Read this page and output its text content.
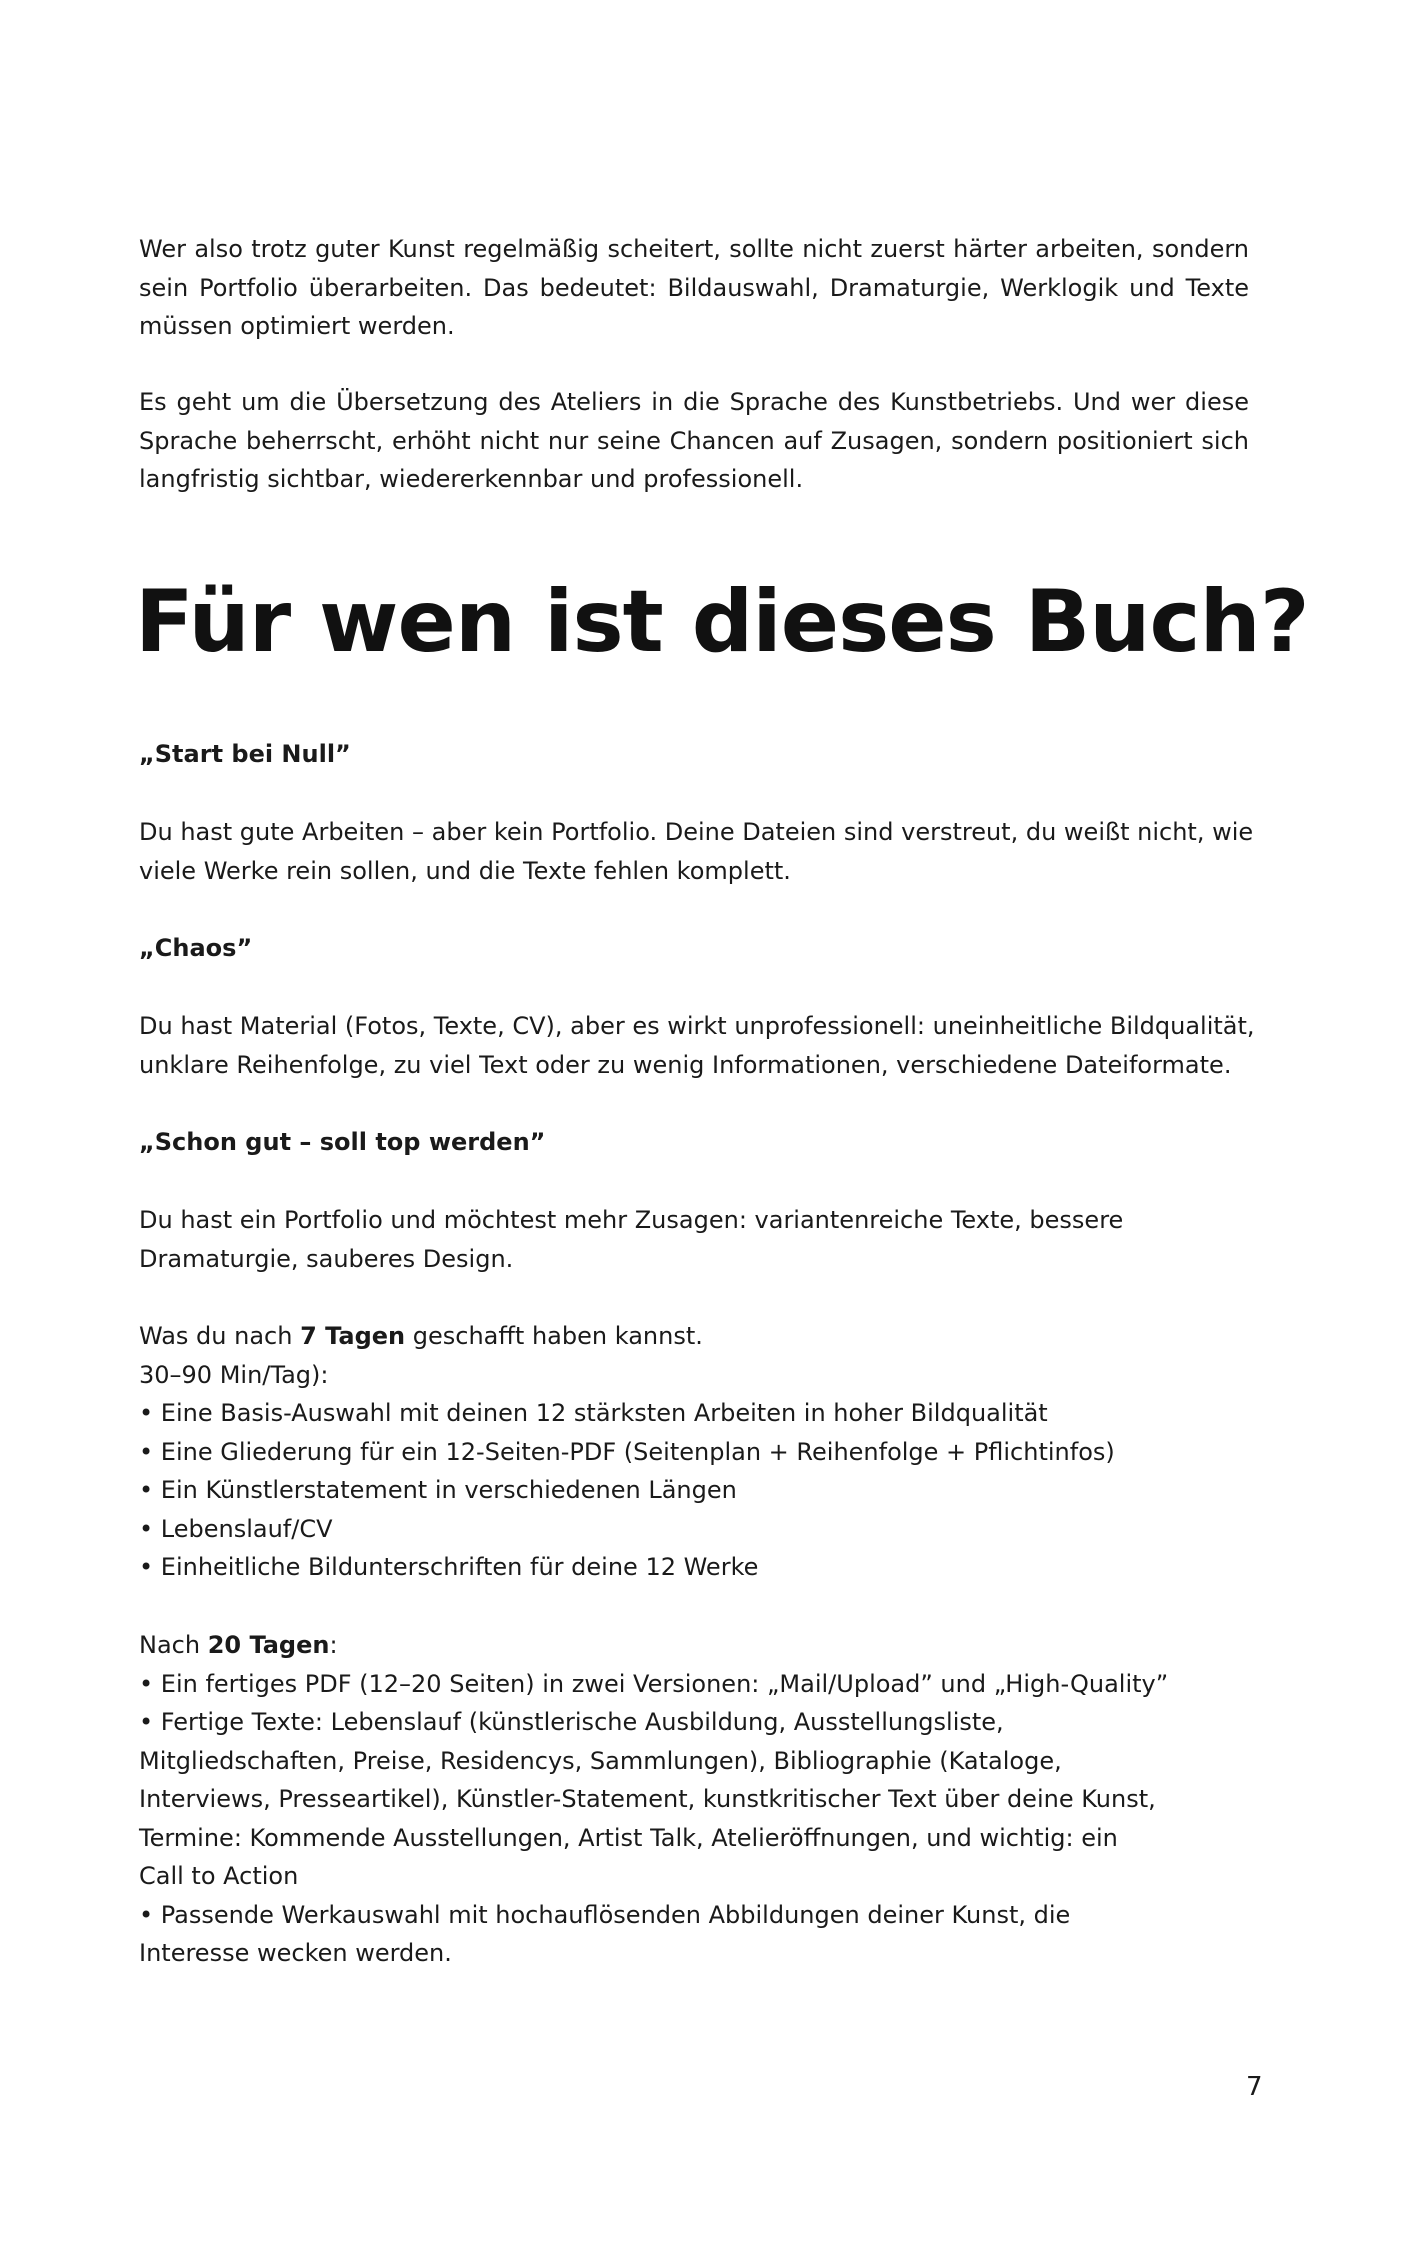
Wer also trotz guter Kunst regelmäßig scheitert, sollte nicht zuerst härter arbeiten, sondern sein Portfolio überarbeiten. Das bedeutet: Bildauswahl, Dramaturgie, Werklogik und Texte müssen optimiert werden.

Es geht um die Übersetzung des Ateliers in die Sprache des Kunstbetriebs. Und wer diese Sprache beherrscht, erhöht nicht nur seine Chancen auf Zusagen, sondern positioniert sich langfristig sichtbar, wiedererkennbar und professionell.

Für wen ist dieses Buch?
„Start bei Null”
Du hast gute Arbeiten – aber kein Portfolio. Deine Dateien sind verstreut, du weißt nicht, wie
viele Werke rein sollen, und die Texte fehlen komplett.
„Chaos”
Du hast Material (Fotos, Texte, CV), aber es wirkt unprofessionell: uneinheitliche Bildqualität,
unklare Reihenfolge, zu viel Text oder zu wenig Informationen, verschiedene Dateiformate.
„Schon gut – soll top werden”
Du hast ein Portfolio und möchtest mehr Zusagen: variantenreiche Texte, bessere
Dramaturgie, sauberes Design.
Was du nach 7 Tagen geschafft haben kannst.
30–90 Min/Tag):
• Eine Basis-Auswahl mit deinen 12 stärksten Arbeiten in hoher Bildqualität
• Eine Gliederung für ein 12-Seiten-PDF (Seitenplan + Reihenfolge + Pflichtinfos)
• Ein Künstlerstatement in verschiedenen Längen
• Lebenslauf/CV
• Einheitliche Bildunterschriften für deine 12 Werke
Nach 20 Tagen:
• Ein fertiges PDF (12–20 Seiten) in zwei Versionen: „Mail/Upload” und „High-Quality”
• Fertige Texte: Lebenslauf (künstlerische Ausbildung, Ausstellungsliste,
Mitgliedschaften, Preise, Residencys, Sammlungen), Bibliographie (Kataloge,
Interviews, Presseartikel), Künstler-Statement, kunstkritischer Text über deine Kunst,
Termine: Kommende Ausstellungen, Artist Talk, Atelieröffnungen, und wichtig: ein
Call to Action
• Passende Werkauswahl mit hochauflösenden Abbildungen deiner Kunst, die
Interesse wecken werden.
7
